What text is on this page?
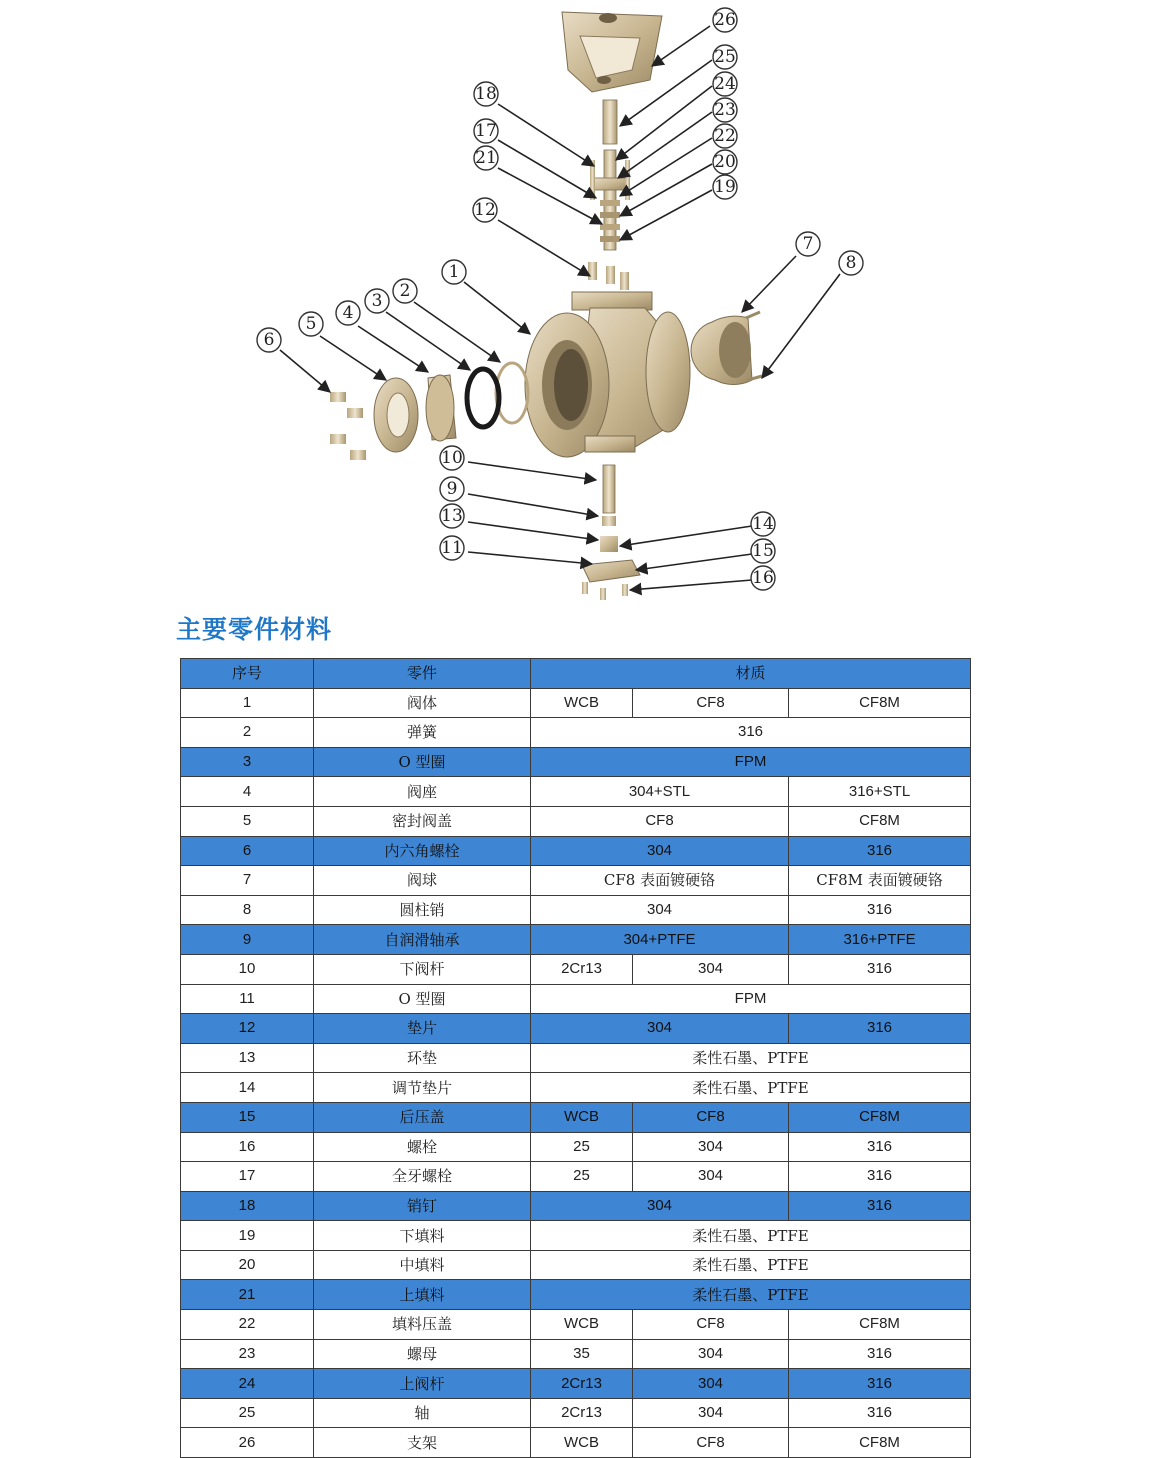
1
2
3
4
5
6
7
8
9
10
11
12
13	14
15
16
17
18
19
20
21
22
23
24
25
26
主要零件材料
序号	零件	材质		
1	阀体	WCB	CF8	CF8M
2	弹簧	316		
3	O 型圈	FPM		
4	阀座	304+STL		316+STL
5	密封阀盖	CF8		CF8M
6	内六角螺栓	304		316
7	阀球	CF8 表面镀硬铬		CF8M 表面镀硬铬
8	圆柱销	304		316
9	自润滑轴承	304+PTFE		316+PTFE
10	下阀杆	2Cr13	304	316
11	O 型圈	FPM		
12	垫片	304		316
13	环垫	柔性石墨、PTFE		
14	调节垫片	柔性石墨、PTFE		
15	后压盖	WCB	CF8	CF8M
16	螺栓	25	304	316
17	全牙螺栓	25	304	316
18	销钉	304		316
19	下填料	柔性石墨、PTFE		
20	中填料	柔性石墨、PTFE		
21	上填料	柔性石墨、PTFE		
22	填料压盖	WCB	CF8	CF8M
23	螺母	35	304	316
24	上阀杆	2Cr13	304	316
25	轴	2Cr13	304	316
26	支架	WCB	CF8	CF8M
